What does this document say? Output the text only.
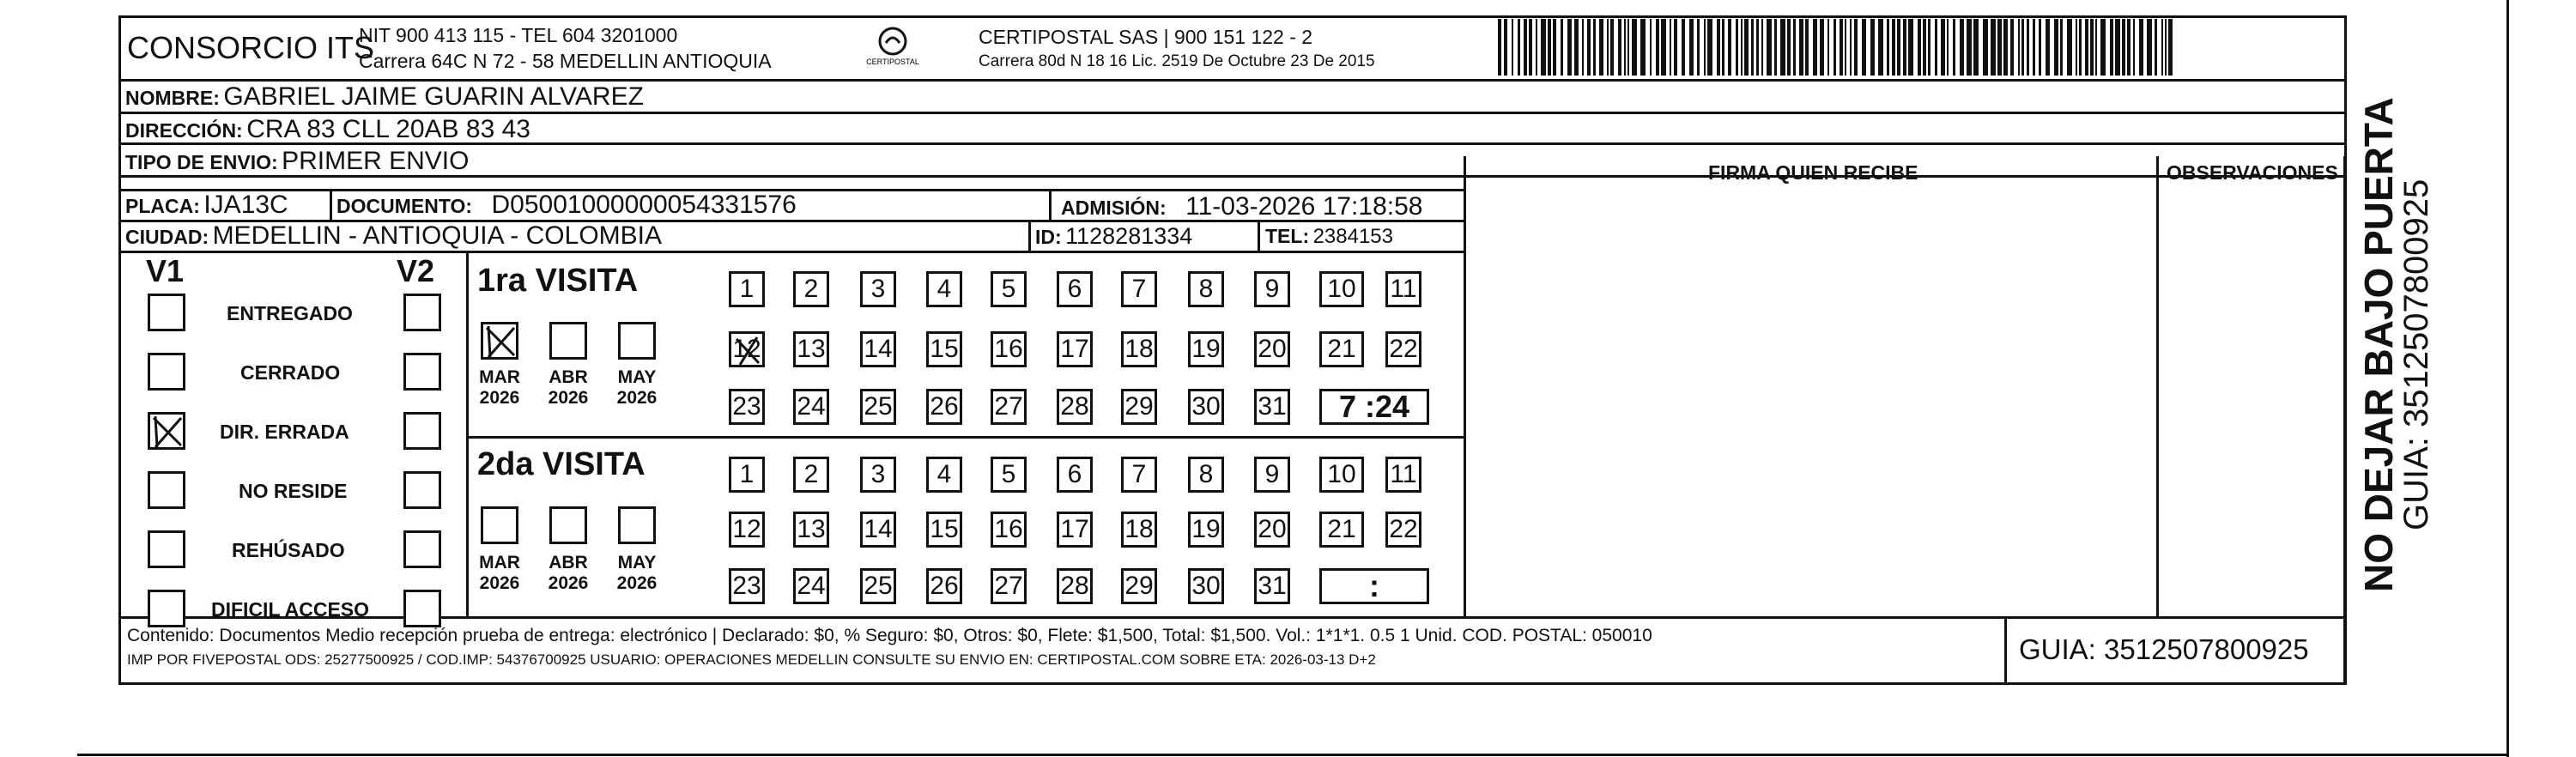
CONSORCIO ITS
NIT 900 413 115 - TEL 604 3201000
Carrera 64C N 72 - 58 MEDELLIN ANTIOQUIA	CERTIPOSTAL
CERTIPOSTAL SAS | 900 151 122 - 2
Carrera 80d N 18 16 Lic. 2519 De Octubre 23 De 2015
FIRMA QUIEN RECIBE	OBSERVACIONES
NOMBRE: GABRIEL JAIME GUARIN ALVAREZ
DIRECCIÓN: CRA 83 CLL 20AB 83 43
TIPO DE ENVIO: PRIMER ENVIO
PLACA: IJA13C DOCUMENTO: D05001000000054331576	ADMISIÓN: 11-03-2026 17:18:58
CIUDAD: MEDELLIN - ANTIOQUIA - COLOMBIA	ID: 1128281334	TEL: 2384153
V1	V2
ENTREGADO
CERRADO
DIR. ERRADA
NO RESIDE
REHÚSADO
DIFICIL ACCESO
1ra VISITA
2da VISITA
MAR
2026
ABR
2026
MAY
2026
1	2	3	4	5	6	7	8	9	10	11
12 13 14 15 16 17 18 19 20	21	22
23 24 25 26 27 28 29 30 31	7 :24
MAR
2026
ABR
2026
MAY
2026
1	2	3	4	5	6	7	8	9	10	11
12 13 14 15 16 17 18 19 20	21	22
23 24 25 26 27 28 29 30 31	:
Contenido: Documentos Medio recepción prueba de entrega: electrónico | Declarado: $0, % Seguro: $0, Otros: $0, Flete: $1,500, Total: $1,500. Vol.: 1*1*1. 0.5 1 Unid. COD. POSTAL: 050010
IMP POR FIVEPOSTAL ODS: 25277500925 / COD.IMP: 54376700925 USUARIO: OPERACIONES MEDELLIN CONSULTE SU ENVIO EN: CERTIPOSTAL.COM SOBRE ETA: 2026-03-13 D+2	GUIA: 3512507800925
NO DEJAR BAJO PUERTA
GUIA: 3512507800925
